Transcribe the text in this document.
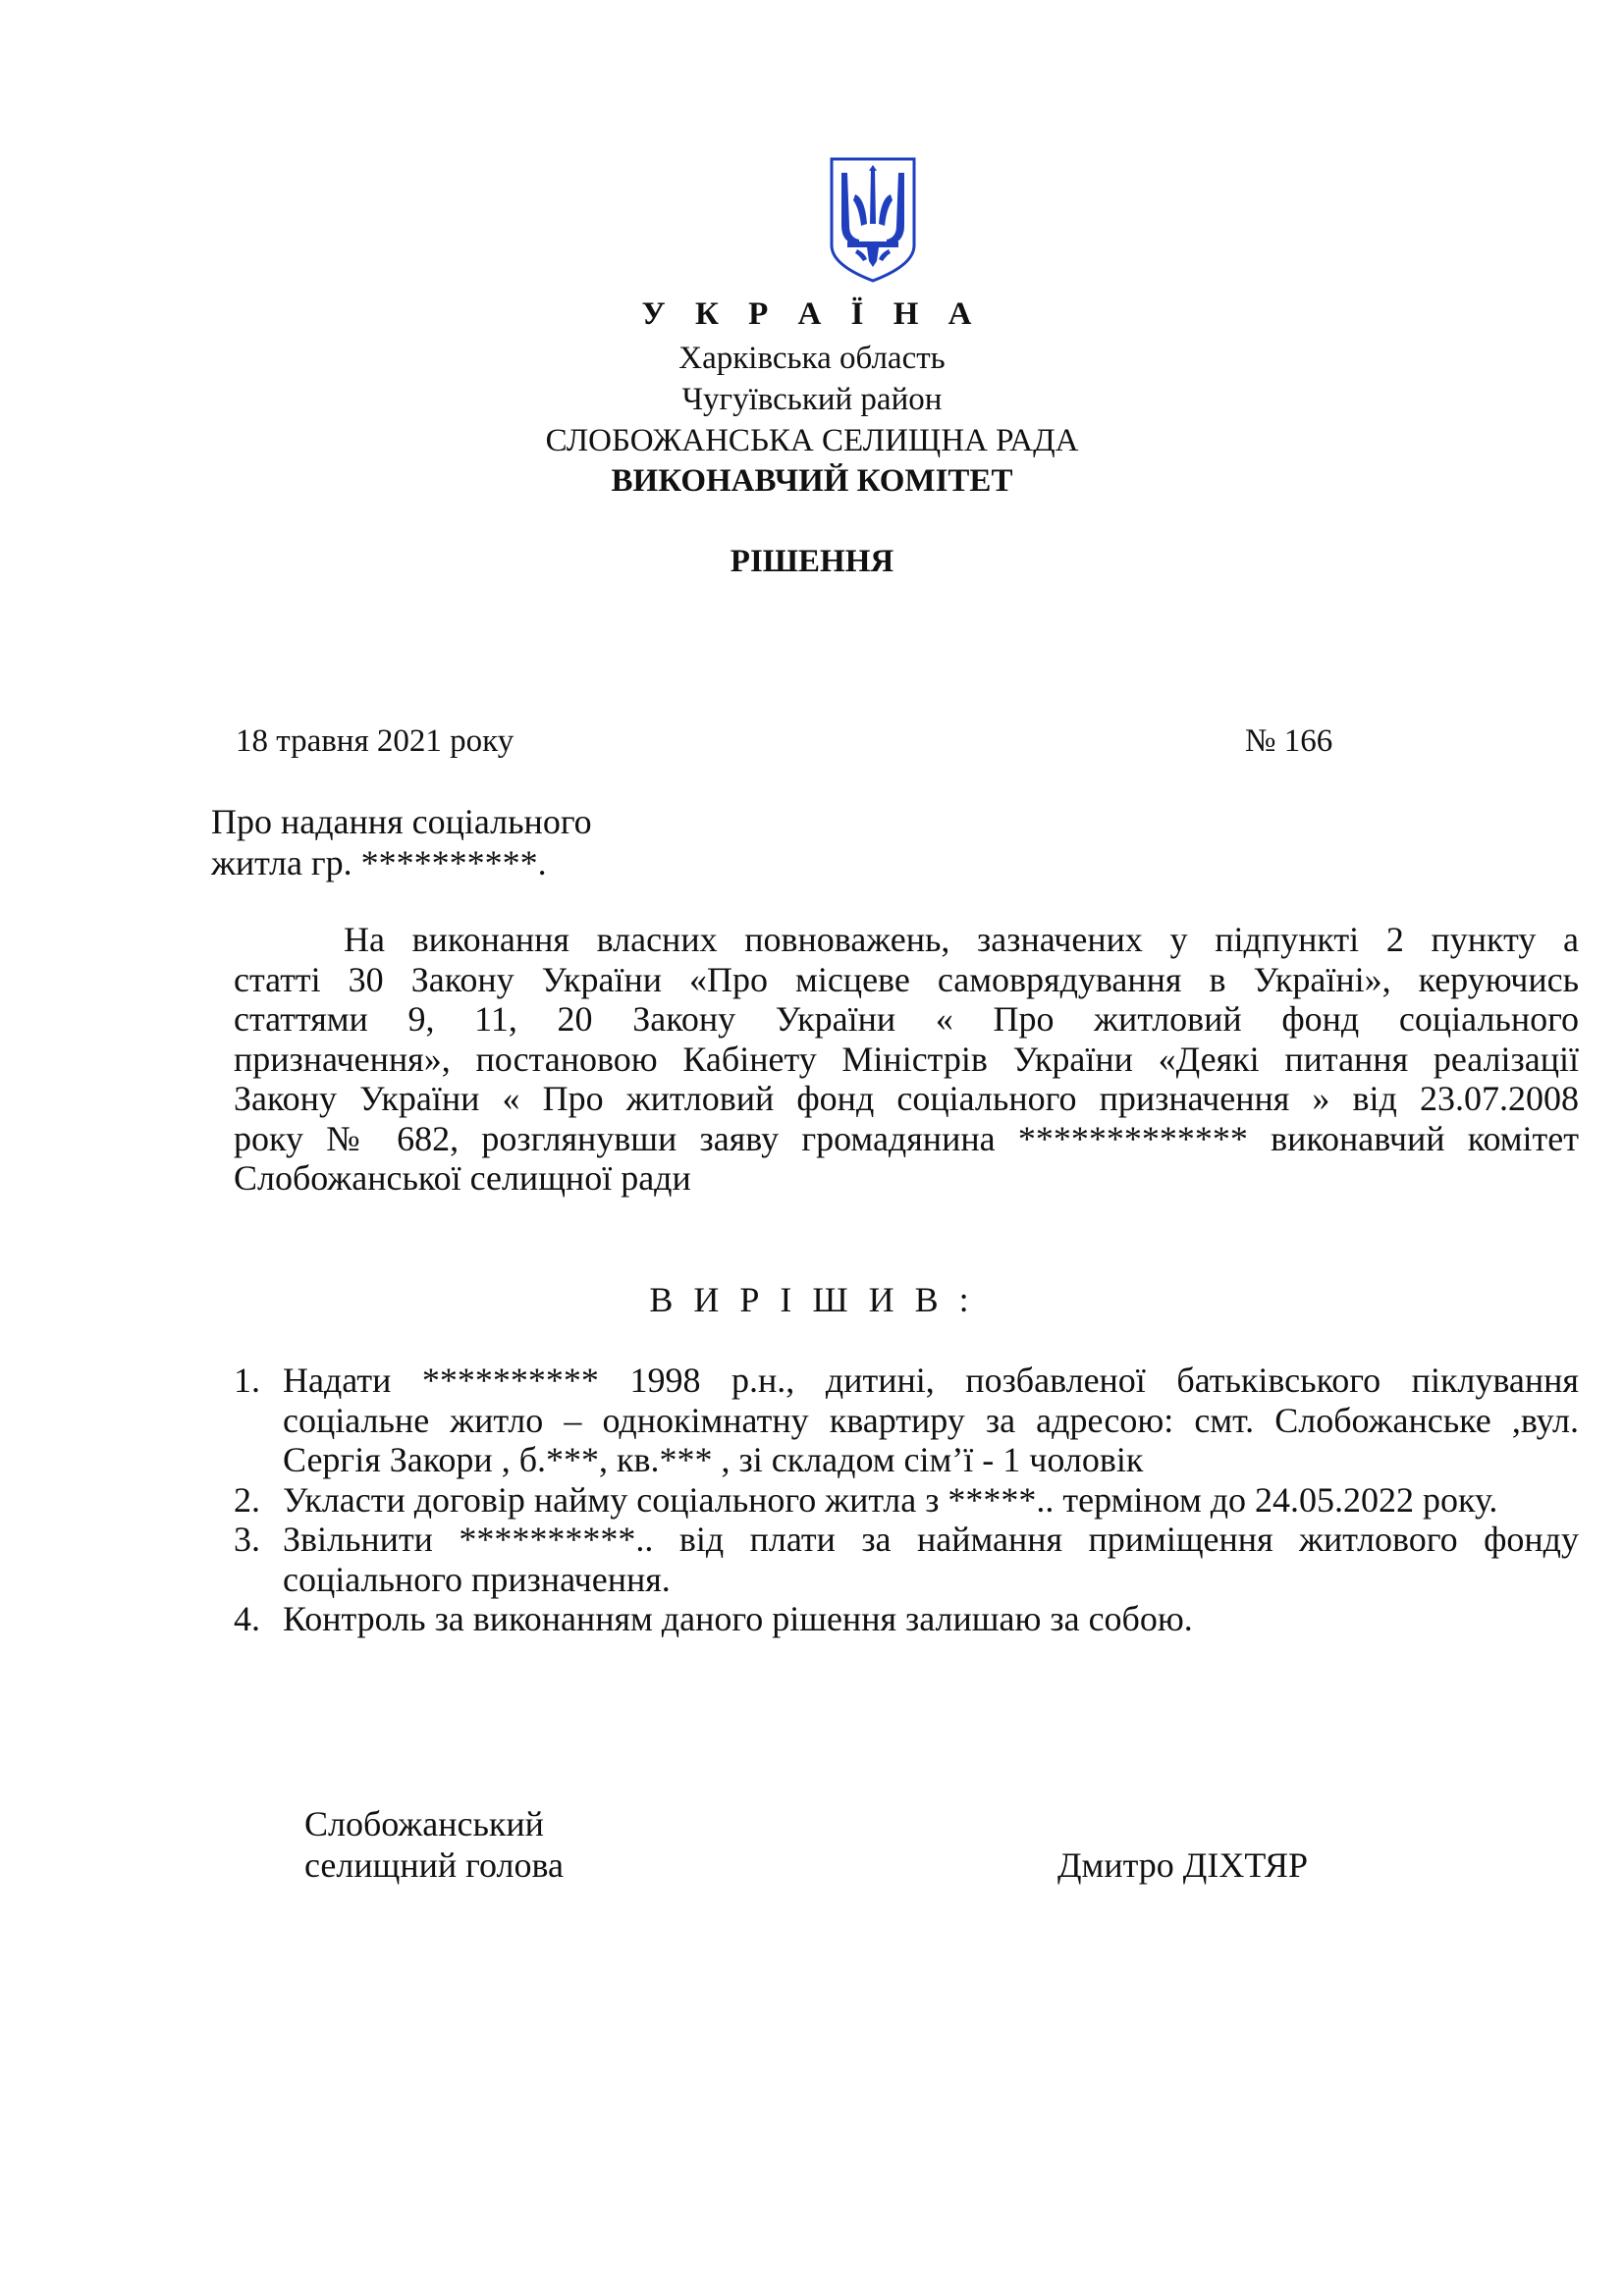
У К Р А Ї Н А
Харківська область
Чугуївський район
СЛОБОЖАНСЬКА СЕЛИЩНА РАДА
ВИКОНАВЧИЙ КОМІТЕТ
РІШЕННЯ
18 травня 2021 року	№ 166
Про надання соціального
житла гр. **********.
На виконання власних повноважень, зазначених у підпункті 2 пункту а
статті 30 Закону України «Про місцеве самоврядування в Україні», керуючись
статтями 9, 11, 20 Закону України « Про житловий фонд соціального
призначення», постановою Кабінету Міністрів України «Деякі питання реалізації
Закону України « Про житловий фонд соціального призначення » від 23.07.2008
року № 682, розглянувши заяву громадянина ************* виконавчий комітет
Слобожанської селищної ради
В И Р І Ш И В :
1. Надати ********** 1998 р.н., дитині, позбавленої батьківського піклування
соціальне житло – однокімнатну квартиру за адресою: смт. Слобожанське ,вул.
Сергія Закори , б.***, кв.*** , зі складом сім’ї - 1 чоловік
2. Укласти договір найму соціального житла з *****.. терміном до 24.05.2022 року.
3. Звільнити **********.. від плати за наймання приміщення житлового фонду
соціального призначення.
4. Контроль за виконанням даного рішення залишаю за собою.
Слобожанський
селищний голова	Дмитро ДІХТЯР
